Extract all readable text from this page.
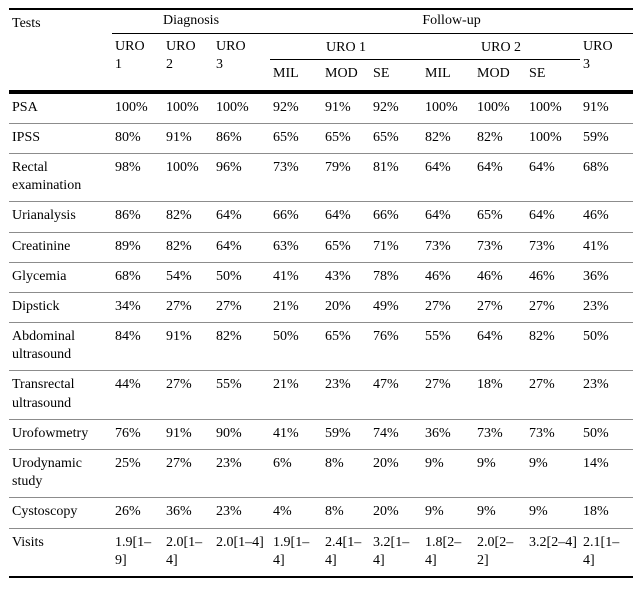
Tests	Diagnosis			Follow-up						
	URO 1	URO 2	URO 3	URO 1			URO 2			URO 3
				MIL	MOD	SE	MIL	MOD	SE	
PSA	100%	100%	100%	92%	91%	92%	100%	100%	100%	91%
IPSS	80%	91%	86%	65%	65%	65%	82%	82%	100%	59%
Rectal examination	98%	100%	96%	73%	79%	81%	64%	64%	64%	68%
Urianalysis	86%	82%	64%	66%	64%	66%	64%	65%	64%	46%
Creatinine	89%	82%	64%	63%	65%	71%	73%	73%	73%	41%
Glycemia	68%	54%	50%	41%	43%	78%	46%	46%	46%	36%
Dipstick	34%	27%	27%	21%	20%	49%	27%	27%	27%	23%
Abdominal ultrasound	84%	91%	82%	50%	65%	76%	55%	64%	82%	50%
Transrectal ultrasound	44%	27%	55%	21%	23%	47%	27%	18%	27%	23%
Urofowmetry	76%	91%	90%	41%	59%	74%	36%	73%	73%	50%
Urodynamic study	25%	27%	23%	6%	8%	20%	9%	9%	9%	14%
Cystoscopy	26%	36%	23%	4%	8%	20%	9%	9%	9%	18%
Visits	1.9[1–9]	2.0[1–4]	2.0[1–4]	1.9[1–4]	2.4[1–4]	3.2[1–4]	1.8[2–4]	2.0[2–2]	3.2[2–4]	2.1[1–4]
